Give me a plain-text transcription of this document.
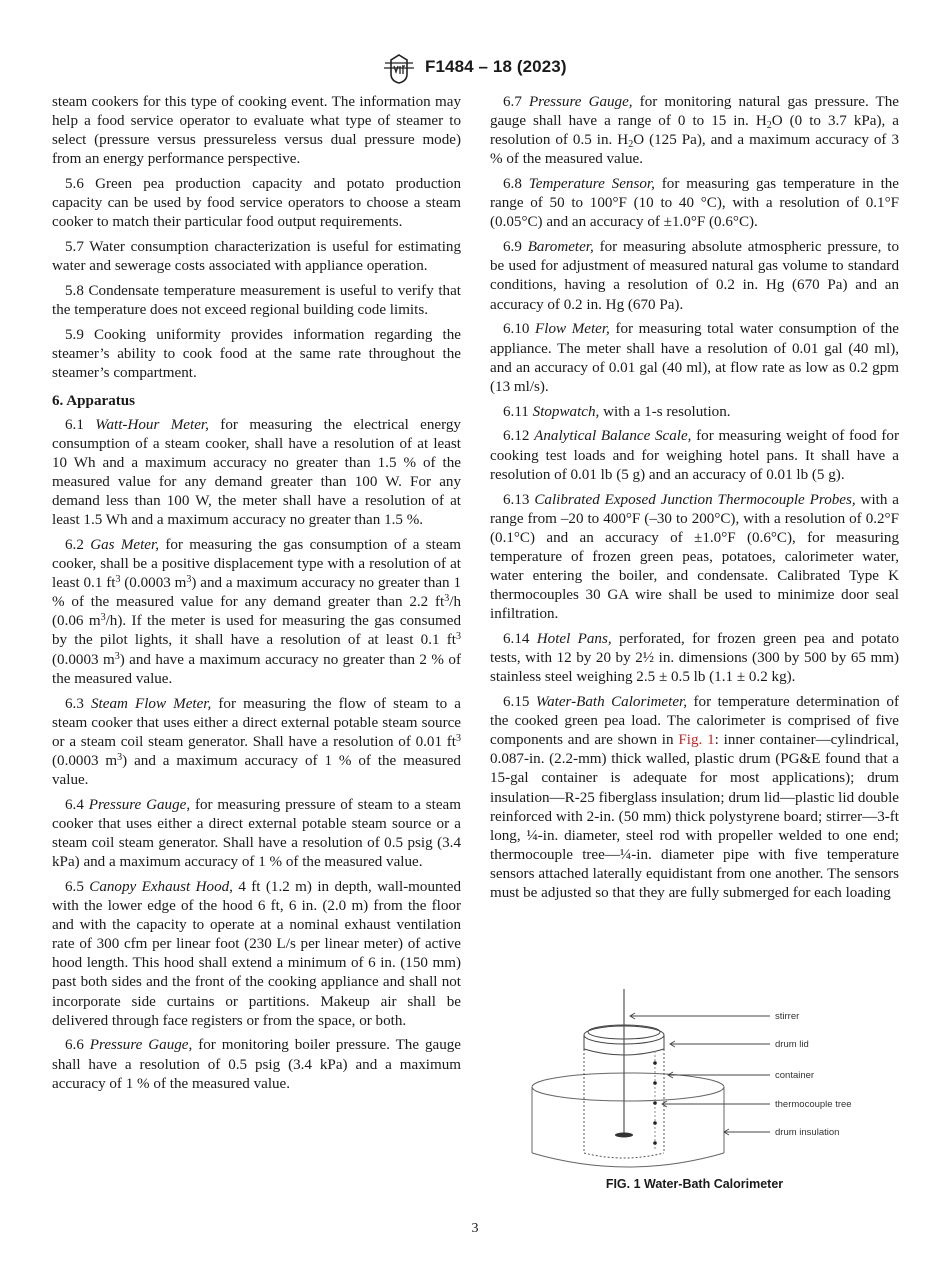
F1484 – 18 (2023)

steam cookers for this type of cooking event. The information may help a food service operator to evaluate what type of steamer to select (pressure versus pressureless versus dual pressure mode) from an energy performance perspective.

5.6 Green pea production capacity and potato production capacity can be used by food service operators to choose a steam cooker to match their particular food output requirements.

5.7 Water consumption characterization is useful for estimating water and sewerage costs associated with appliance operation.

5.8 Condensate temperature measurement is useful to verify that the temperature does not exceed regional building code limits.

5.9 Cooking uniformity provides information regarding the steamer’s ability to cook food at the same rate throughout the steamer’s compartment.

6. Apparatus

6.1 Watt-Hour Meter, for measuring the electrical energy consumption of a steam cooker, shall have a resolution of at least 10 Wh and a maximum accuracy no greater than 1.5 % of the measured value for any demand greater than 100 W. For any demand less than 100 W, the meter shall have a resolution of at least 1.5 Wh and a maximum accuracy no greater than 1.5 %.

6.2 Gas Meter, for measuring the gas consumption of a steam cooker, shall be a positive displacement type with a resolution of at least 0.1 $ft^3$ (0.0003 $m^3$) and a maximum accuracy no greater than 1 % of the measured value for any demand greater than 2.2 $ft^3/h$ (0.06 $m^3/h$). If the meter is used for measuring the gas consumed by the pilot lights, it shall have a resolution of at least 0.1 $ft^3$ (0.0003 $m^3$) and have a maximum accuracy no greater than 2 % of the measured value.

6.3 Steam Flow Meter, for measuring the flow of steam to a steam cooker that uses either a direct external potable steam source or a steam coil steam generator. Shall have a resolution of 0.01 $ft^3$ (0.0003 $m^3$) and a maximum accuracy of 1 % of the measured value.

6.4 Pressure Gauge, for measuring pressure of steam to a steam cooker that uses either a direct external potable steam source or a steam coil steam generator. Shall have a resolution of 0.5 psig (3.4 kPa) and a maximum accuracy of 1 % of the measured value.

6.5 Canopy Exhaust Hood, 4 ft (1.2 m) in depth, wall-mounted with the lower edge of the hood 6 ft, 6 in. (2.0 m) from the floor and with the capacity to operate at a nominal exhaust ventilation rate of 300 cfm per linear foot (230 L/s per linear meter) of active hood length. This hood shall extend a minimum of 6 in. (150 mm) past both sides and the front of the cooking appliance and shall not incorporate side curtains or partitions. Makeup air shall be delivered through face registers or from the space, or both.

6.6 Pressure Gauge, for monitoring boiler pressure. The gauge shall have a resolution of 0.5 psig (3.4 kPa) and a maximum accuracy of 1 % of the measured value.

6.7 Pressure Gauge, for monitoring natural gas pressure. The gauge shall have a range of 0 to 15 in. $H_2O$ (0 to 3.7 kPa), a resolution of 0.5 in. $H_2O$ (125 Pa), and a maximum accuracy of 3 % of the measured value.

6.8 Temperature Sensor, for measuring gas temperature in the range of 50 to 100°F (10 to 40 °C), with a resolution of 0.1°F (0.05°C) and an accuracy of ±1.0°F (0.6°C).

6.9 Barometer, for measuring absolute atmospheric pressure, to be used for adjustment of measured natural gas volume to standard conditions, having a resolution of 0.2 in. Hg (670 Pa) and an accuracy of 0.2 in. Hg (670 Pa).

6.10 Flow Meter, for measuring total water consumption of the appliance. The meter shall have a resolution of 0.01 gal (40 ml), and an accuracy of 0.01 gal (40 ml), at flow rate as low as 0.2 gpm (13 ml/s).

6.11 Stopwatch, with a 1-s resolution.

6.12 Analytical Balance Scale, for measuring weight of food for cooking test loads and for weighing hotel pans. It shall have a resolution of 0.01 lb (5 g) and an accuracy of 0.01 lb (5 g).

6.13 Calibrated Exposed Junction Thermocouple Probes, with a range from –20 to 400°F (–30 to 200°C), with a resolution of 0.2°F (0.1°C) and an accuracy of ±1.0°F (0.6°C), for measuring temperature of frozen green peas, potatoes, calorimeter water, water entering the boiler, and condensate. Calibrated Type K thermocouples 30 GA wire shall be used to minimize door seal infiltration.

6.14 Hotel Pans, perforated, for frozen green pea and potato tests, with 12 by 20 by 2½ in. dimensions (300 by 500 by 65 mm) stainless steel weighing 2.5 ± 0.5 lb (1.1 ± 0.2 kg).

6.15 Water-Bath Calorimeter, for temperature determination of the cooked green pea load. The calorimeter is comprised of five components and are shown in Fig. 1: inner container—cylindrical, 0.087-in. (2.2-mm) thick walled, plastic drum (PG&E found that a 15-gal container is adequate for most applications); drum insulation—R-25 fiberglass insulation; drum lid—plastic lid double reinforced with 2-in. (50 mm) thick polystyrene board; stirrer—3-ft long, ¼-in. diameter, steel rod with propeller welded to one end; thermocouple tree—¼-in. diameter pipe with five temperature sensors attached laterally equidistant from one another. The sensors must be adjusted so that they are fully submerged for each loading

stirrer
drum lid
container
thermocouple tree
drum insulation
FIG. 1 Water-Bath Calorimeter
3
